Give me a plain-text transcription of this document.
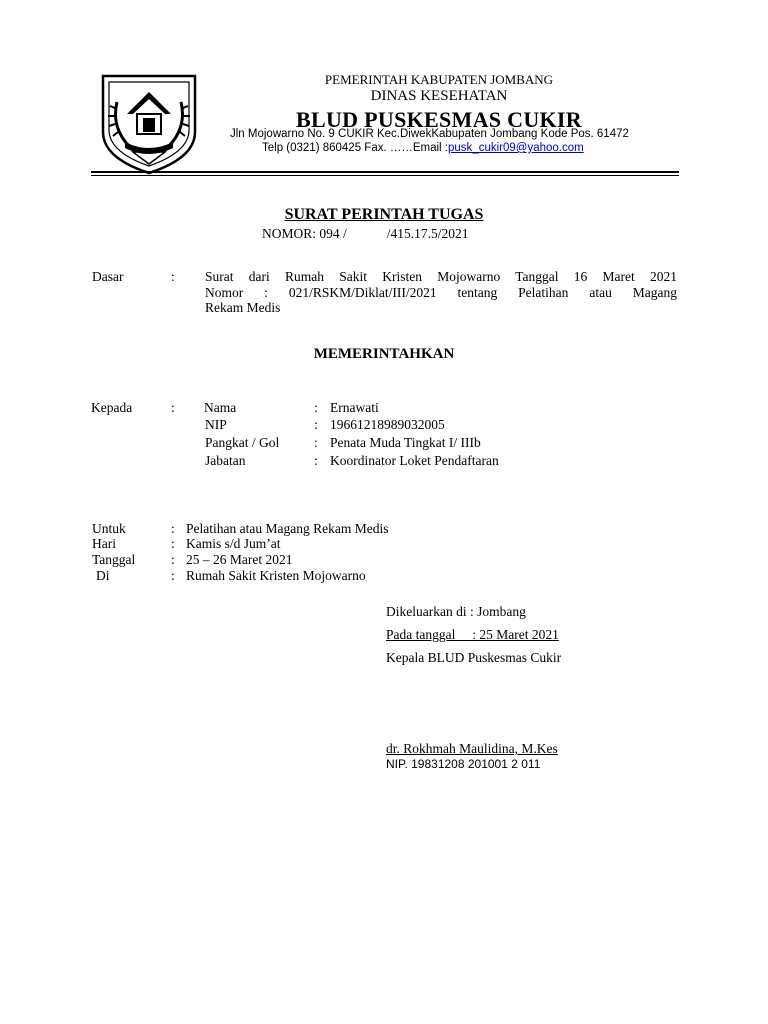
PEMERINTAH KABUPATEN JOMBANG
DINAS KESEHATAN
BLUD PUSKESMAS CUKIR
Jln Mojowarno No. 9 CUKIR Kec.DiwekKabupaten Jombang Kode Pos. 61472
Telp (0321) 860425 Fax. ……Email :pusk_cukir09@yahoo.com
SURAT PERINTAH TUGAS
NOMOR: 094 /	/415.17.5/2021
Dasar	: Surat dari Rumah Sakit Kristen Mojowarno Tanggal 16 Maret 2021
Nomor : 021/RSKM/Diklat/III/2021 tentang Pelatihan atau Magang
Rekam Medis
MEMERINTAHKAN
Kepada	: Nama	: Ernawati
NIP	: 19661218989032005
Pangkat / Gol	: Penata Muda Tingkat I/ IIIb
Jabatan	: Koordinator Loket Pendaftaran
Untuk	: Pelatihan atau Magang Rekam Medis
Hari	: Kamis s/d Jum’at
Tanggal	: 25 – 26 Maret 2021
Di	: Rumah Sakit Kristen Mojowarno
Dikeluarkan di : Jombang
Pada tanggal     : 25 Maret 2021
Kepala BLUD Puskesmas Cukir
dr. Rokhmah Maulidina, M.Kes
NIP. 19831208 201001 2 011
